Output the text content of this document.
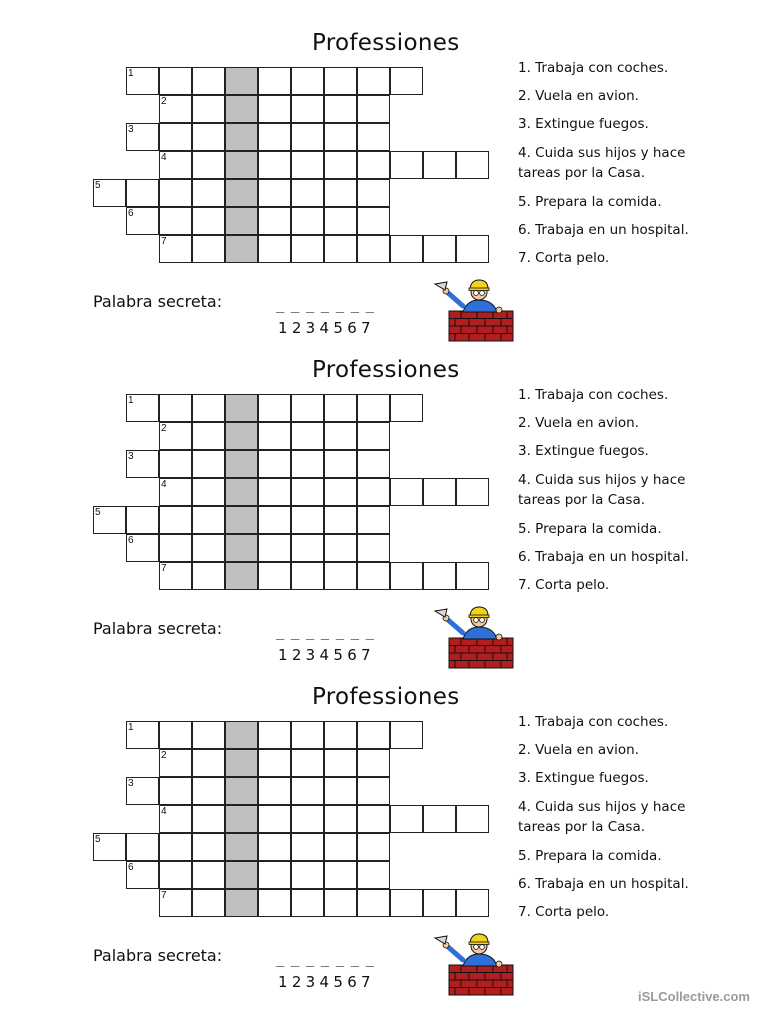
Professiones
1
2
3
4
5
6
7
1. Trabaja con coches.
2. Vuela en avion.
3. Extingue fuegos.
4. Cuida sus hijos y hace
tareas por la Casa.
5. Prepara la comida.
6. Trabaja en un hospital.
7. Corta pelo.
Palabra secreta:	_______
1234567
Professiones
1
2
3
4
5
6
7
1. Trabaja con coches.
2. Vuela en avion.
3. Extingue fuegos.
4. Cuida sus hijos y hace
tareas por la Casa.
5. Prepara la comida.
6. Trabaja en un hospital.
7. Corta pelo.
Palabra secreta:	_______
1234567
Professiones
1
2
3
4
5
6
7
1. Trabaja con coches.
2. Vuela en avion.
3. Extingue fuegos.
4. Cuida sus hijos y hace
tareas por la Casa.
5. Prepara la comida.
6. Trabaja en un hospital.
7. Corta pelo.
Palabra secreta:	_______
1234567
iSLCollective.com
